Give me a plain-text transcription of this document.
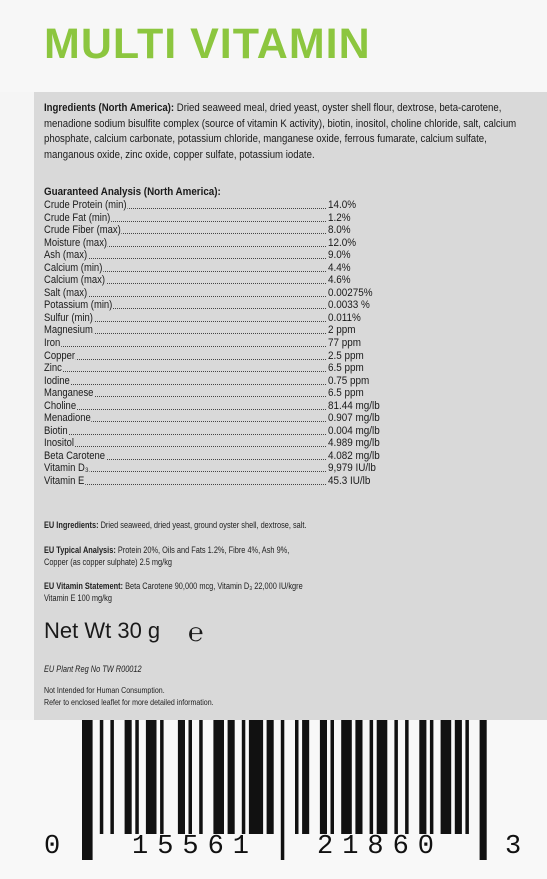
MULTI VITAMIN
Ingredients (North America): Dried seaweed meal, dried yeast, oyster shell flour, dextrose, beta-carotene, menadione sodium bisulfite complex (source of vitamin K activity), biotin, inositol, choline chloride, salt, calcium phosphate, calcium carbonate, potassium chloride, manganese oxide, ferrous fumarate, calcium sulfate, manganous oxide, zinc oxide, copper sulfate, potassium iodate.
Guaranteed Analysis (North America):
Crude Protein (min)	14.0%
Crude Fat (min)	1.2%
Crude Fiber (max)	8.0%
Moisture (max)	12.0%
Ash (max)	9.0%
Calcium (min)	4.4%
Calcium (max)	4.6%
Salt (max)	0.00275%
Potassium (min)	0.0033 %
Sulfur (min)	0.011%
Magnesium	2 ppm
Iron	77 ppm
Copper	2.5 ppm
Zinc	6.5 ppm
Iodine	0.75 ppm
Manganese	6.5 ppm
Choline	81.44 mg/lb
Menadione	0.907 mg/lb
Biotin	0.004 mg/lb
Inositol	4.989 mg/lb
Beta Carotene	4.082 mg/lb
Vitamin D₃	9,979 IU/lb
Vitamin E	45.3 IU/lb
EU Ingredients: Dried seaweed, dried yeast, ground oyster shell, dextrose, salt.
EU Typical Analysis: Protein 20%, Oils and Fats 1.2%, Fibre 4%, Ash 9%,
Copper (as copper sulphate) 2.5 mg/kg
EU Vitamin Statement: Beta Carotene 90,000 mcg, Vitamin D₃ 22,000 IU/kgre
Vitamin E 100 mg/kg
Net Wt 30 g ℮
EU Plant Reg No TW R00012
Not Intended for Human Consumption.
Refer to enclosed leaflet for more detailed information.
0	15561 21860 3
